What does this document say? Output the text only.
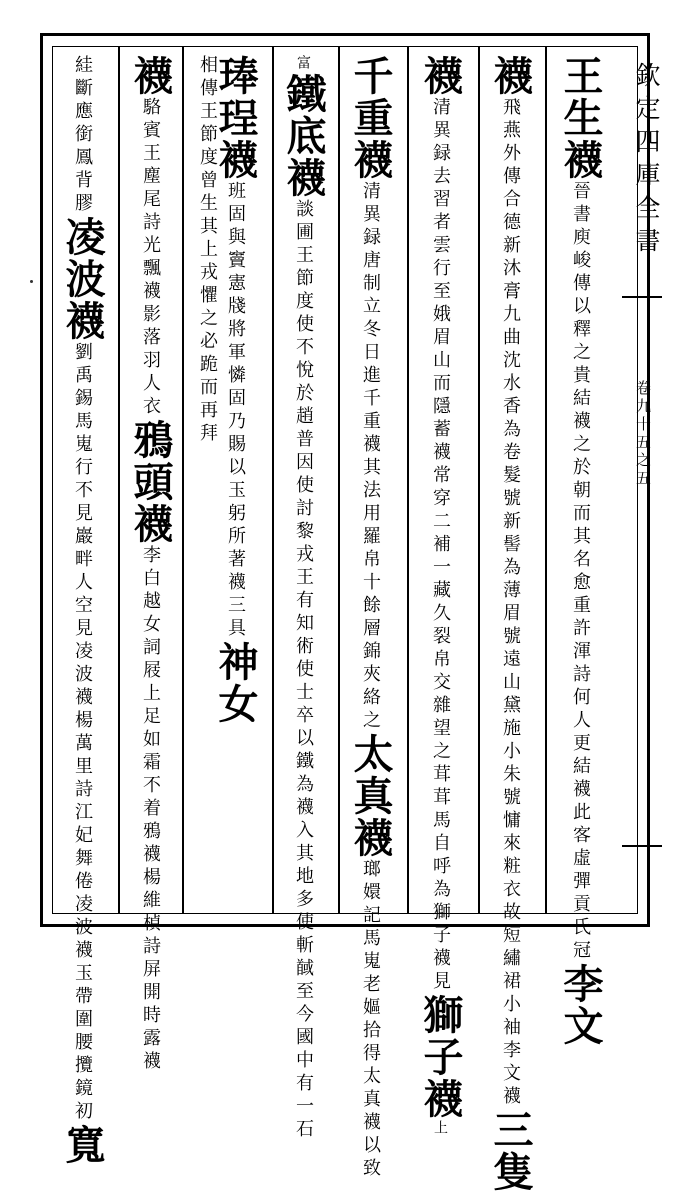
欽定四庫全書
卷九十五之五
王生襪晉書庾峻傳以釋之貴結襪之於朝而其名愈重許渾詩何人更結襪此客虛彈貢氏冠李文
襪飛燕外傳合德新沐膏九曲沈水香為卷髮號新髻為薄眉號遠山黛施小朱號慵來粧衣故短繡裙小袖李文襪三隻
襪清異録去習者雲行至娥眉山而隱蓄襪常穿二補一藏久裂帛交雜望之茸茸馬自呼為獅子襪見獅子襪上
千重襪清異録唐制立冬日進千重襪其法用羅帛十餘層錦夾絡之太真襪瑯嬛記馬嵬老嫗拾得太真襪以致
富鐵底襪談圃王節度使不悅於趙普因使討黎戎王有知術使士卒以鐵為襪入其地多使斬馘至今國中有一石
琫珵襪班固與竇憲牋將軍憐固乃賜以玉躬所著襪三具神女
相傳王節度曾生其上戎懼之必跪而再拜
襪駱賓王塵尾詩光飄襪影落羽人衣鴉頭襪李白越女詞屐上足如霜不着鴉襪楊維楨詩屏開時露襪
絓斷應銜鳳背膠凌波襪劉禹錫馬嵬行不見巖畔人空見凌波襪楊萬里詩江妃舞倦凌波襪玉帶圍腰攬鏡初寬
